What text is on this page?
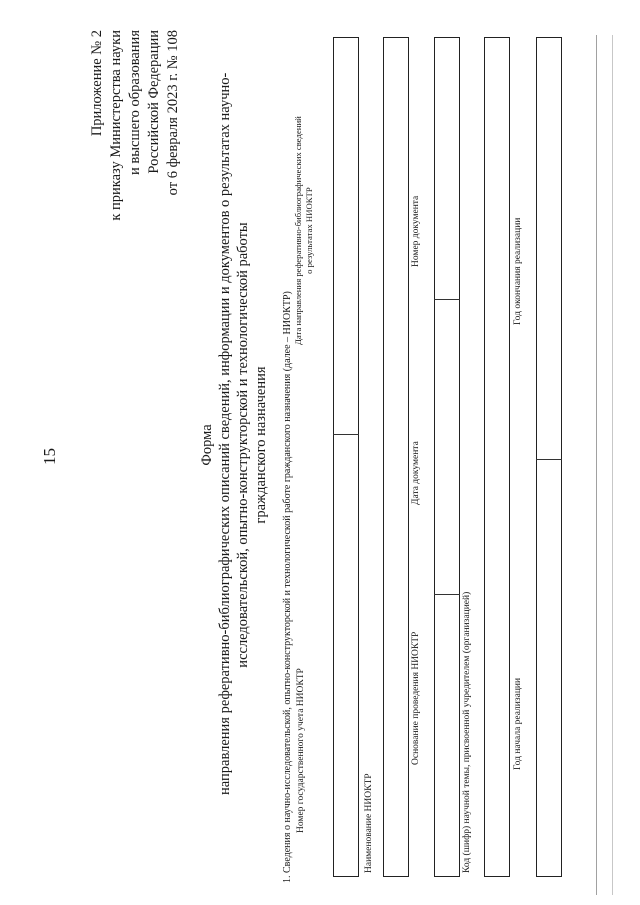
15
Приложение № 2 к приказу Министерства науки и высшего образования Российской Федерации от 6 февраля 2023 г. № 108
Форма направления реферативно-библиографических описаний сведений, информации и документов о результатах научно- исследовательской, опытно-конструкторской и технологической работы гражданского назначения 1. Сведения о научно-исследовательской, опытно-конструкторской и технологической работе гражданского назначения (далее – НИОКТР) Номер государственного учета НИОКТР
Дата направления реферативно-библиографических сведений о результатах НИОКТР
Наименование НИОКТР
Основание проведения НИОКТР
Дата документа
Номер документа
Код (шифр) научной темы, присвоенной учредителем (организацией)	Год начала реализации
Год окончания реализации
